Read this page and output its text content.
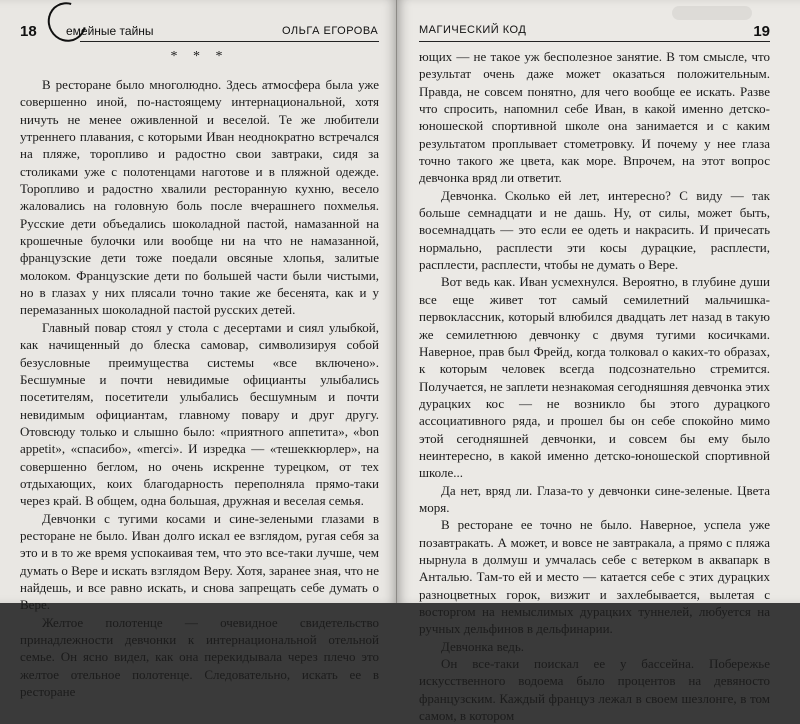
18 емейные тайны	ОЛЬГА ЕГОРОВА
* * *

В ресторане было многолюдно. Здесь атмосфера была уже совершенно иной, по-настоящему интернациональной, хотя ничуть не менее оживленной и веселой. Те же любители утреннего плавания, с которыми Иван неоднократно встречался на пляже, торопливо и радостно свои завтраки, сидя за столиками уже с полотенцами наготове и в пляжной одежде. Торопливо и радостно хвалили ресторанную кухню, весело жаловались на головную боль после вчерашнего похмелья. Русские дети объедались шоколадной пастой, намазанной на крошечные булочки или вообще ни на что не намазанной, французские дети тоже поедали овсяные хлопья, залитые молоком. Французские дети по большей части были чистыми, но в глазах у них плясали точно такие же бесенята, как и у перемазанных шоколадной пастой русских детей.

Главный повар стоял у стола с десертами и сиял улыбкой, как начищенный до блеска самовар, символизируя собой безусловные преимущества системы «все включено». Бесшумные и почти невидимые официанты улыбались посетителям, посетители улыбались бесшумным и почти невидимым официантам, главному повару и друг другу. Отовсюду только и слышно было: «приятного аппетита», «bon appetit», «спасибо», «merci». И изредка — «тешеккюрлер», на совершенно беглом, но очень искренне турецком, от тех отдыхающих, коих благодарность переполняла прямо-таки через край. В общем, одна большая, дружная и веселая семья.

Девчонки с тугими косами и сине-зелеными глазами в ресторане не было. Иван долго искал ее взглядом, ругая себя за это и в то же время успокаивая тем, что это все-таки лучше, чем думать о Вере и искать взглядом Веру. Хотя, заранее зная, что не найдешь, и все равно искать, и снова запрещать себе думать о Вере.

Желтое полотенце — очевидное свидетельство принадлежности девчонки к интернациональной отельной семье. Он ясно видел, как она перекидывала через плечо это желтое отельное полотенце. Следовательно, искать ее в ресторане

МАГИЧЕСКИЙ КОД	19

ющих — не такое уж бесполезное занятие. В том смысле, что результат очень даже может оказаться положительным. Правда, не совсем понятно, для чего вообще ее искать. Разве что спросить, напомнил себе Иван, в какой именно детско-юношеской спортивной школе она занимается и с каким результатом проплывает стометровку. И почему у нее глаза точно такого же цвета, как море. Впрочем, на этот вопрос девчонка вряд ли ответит.

Девчонка. Сколько ей лет, интересно? С виду — так больше семнадцати и не дашь. Ну, от силы, может быть, восемнадцать — это если ее одеть и накрасить. И причесать нормально, расплести эти косы дурацкие, расплести, расплести, расплести, чтобы не думать о Вере.

Вот ведь как. Иван усмехнулся. Вероятно, в глубине души все еще живет тот самый семилетний мальчишка-первоклассник, который влюбился двадцать лет назад в такую же семилетнюю девчонку с двумя тугими косичками. Наверное, прав был Фрейд, когда толковал о каких-то образах, к которым человек всегда подсознательно стремится. Получается, не заплети незнакомая сегодняшняя девчонка этих дурацких кос — не возникло бы этого дурацкого ассоциативного ряда, и прошел бы он себе спокойно мимо этой сегодняшней девчонки, и совсем бы ему было неинтересно, в какой именно детско-юношеской спортивной школе...

Да нет, вряд ли. Глаза-то у девчонки сине-зеленые. Цвета моря.

В ресторане ее точно не было. Наверное, успела уже позавтракать. А может, и вовсе не завтракала, а прямо с пляжа нырнула в долмуш и умчалась себе с ветерком в аквапарк в Анталью. Там-то ей и место — катается себе с этих дурацких разноцветных горок, визжит и захлебывается, вылетая с восторгом на немыслимых дурацких туннелей, любуется на ручных дельфинов в дельфинарии.

Девчонка ведь.

Он все-таки поискал ее у бассейна. Побережье искусственного водоема было процентов на девяносто французским. Каждый француз лежал в своем шезлонге, в том самом, в котором
